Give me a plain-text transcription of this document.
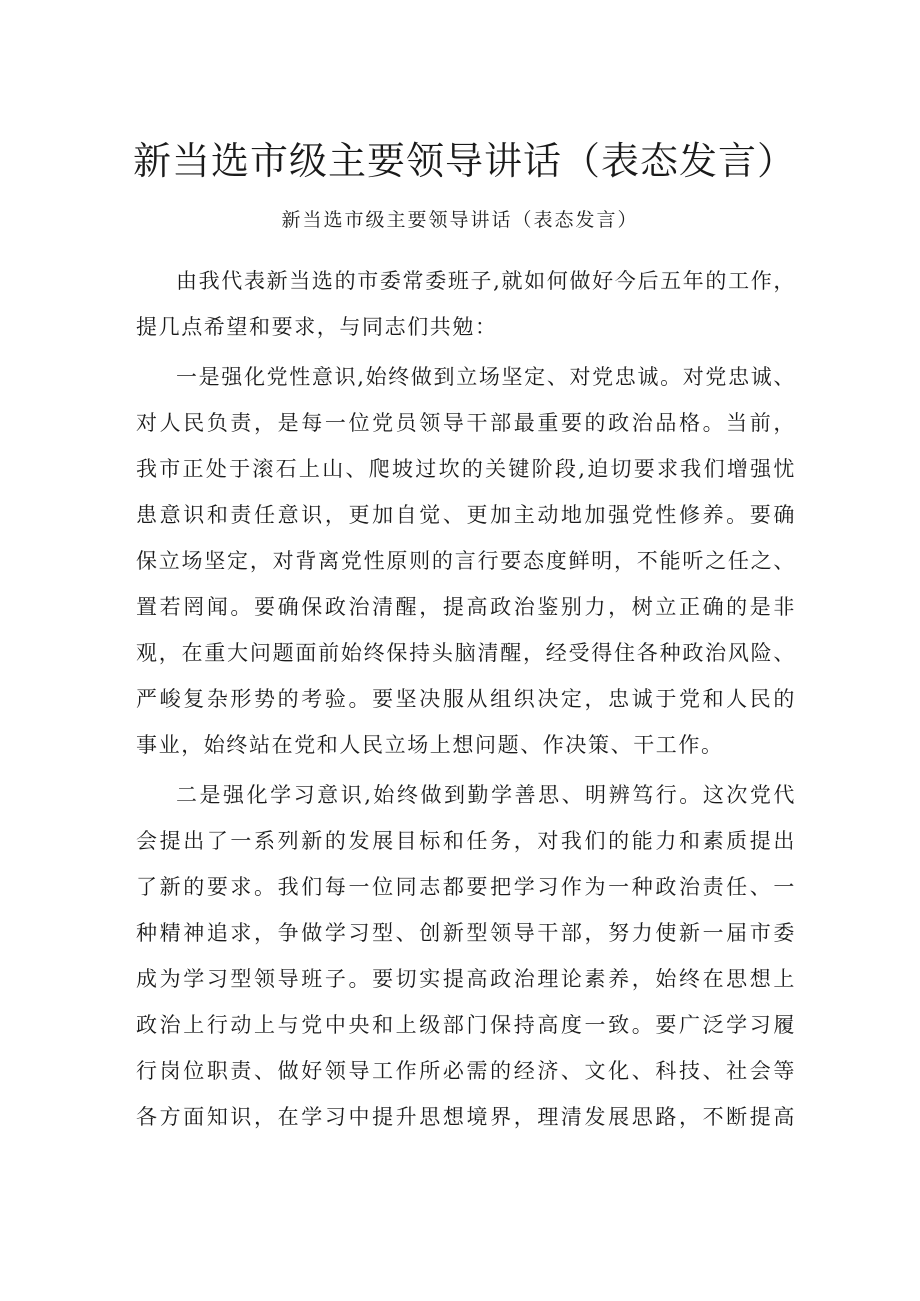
新当选市级主要领导讲话（表态发言）

新当选市级主要领导讲话（表态发言）

由我代表新当选的市委常委班子,就如何做好今后五年的工作，
提几点希望和要求，与同志们共勉：
一是强化党性意识,始终做到立场坚定、对党忠诚。对党忠诚、
对人民负责，是每一位党员领导干部最重要的政治品格。当前，
我市正处于滚石上山、爬坡过坎的关键阶段,迫切要求我们增强忧
患意识和责任意识，更加自觉、更加主动地加强党性修养。要确
保立场坚定，对背离党性原则的言行要态度鲜明，不能听之任之、
置若罔闻。要确保政治清醒，提高政治鉴别力，树立正确的是非
观，在重大问题面前始终保持头脑清醒，经受得住各种政治风险、
严峻复杂形势的考验。要坚决服从组织决定，忠诚于党和人民的
事业，始终站在党和人民立场上想问题、作决策、干工作。
二是强化学习意识,始终做到勤学善思、明辨笃行。这次党代
会提出了一系列新的发展目标和任务，对我们的能力和素质提出
了新的要求。我们每一位同志都要把学习作为一种政治责任、一
种精神追求，争做学习型、创新型领导干部，努力使新一届市委
成为学习型领导班子。要切实提高政治理论素养，始终在思想上
政治上行动上与党中央和上级部门保持高度一致。要广泛学习履
行岗位职责、做好领导工作所必需的经济、文化、科技、社会等
各方面知识，在学习中提升思想境界，理清发展思路，不断提高
